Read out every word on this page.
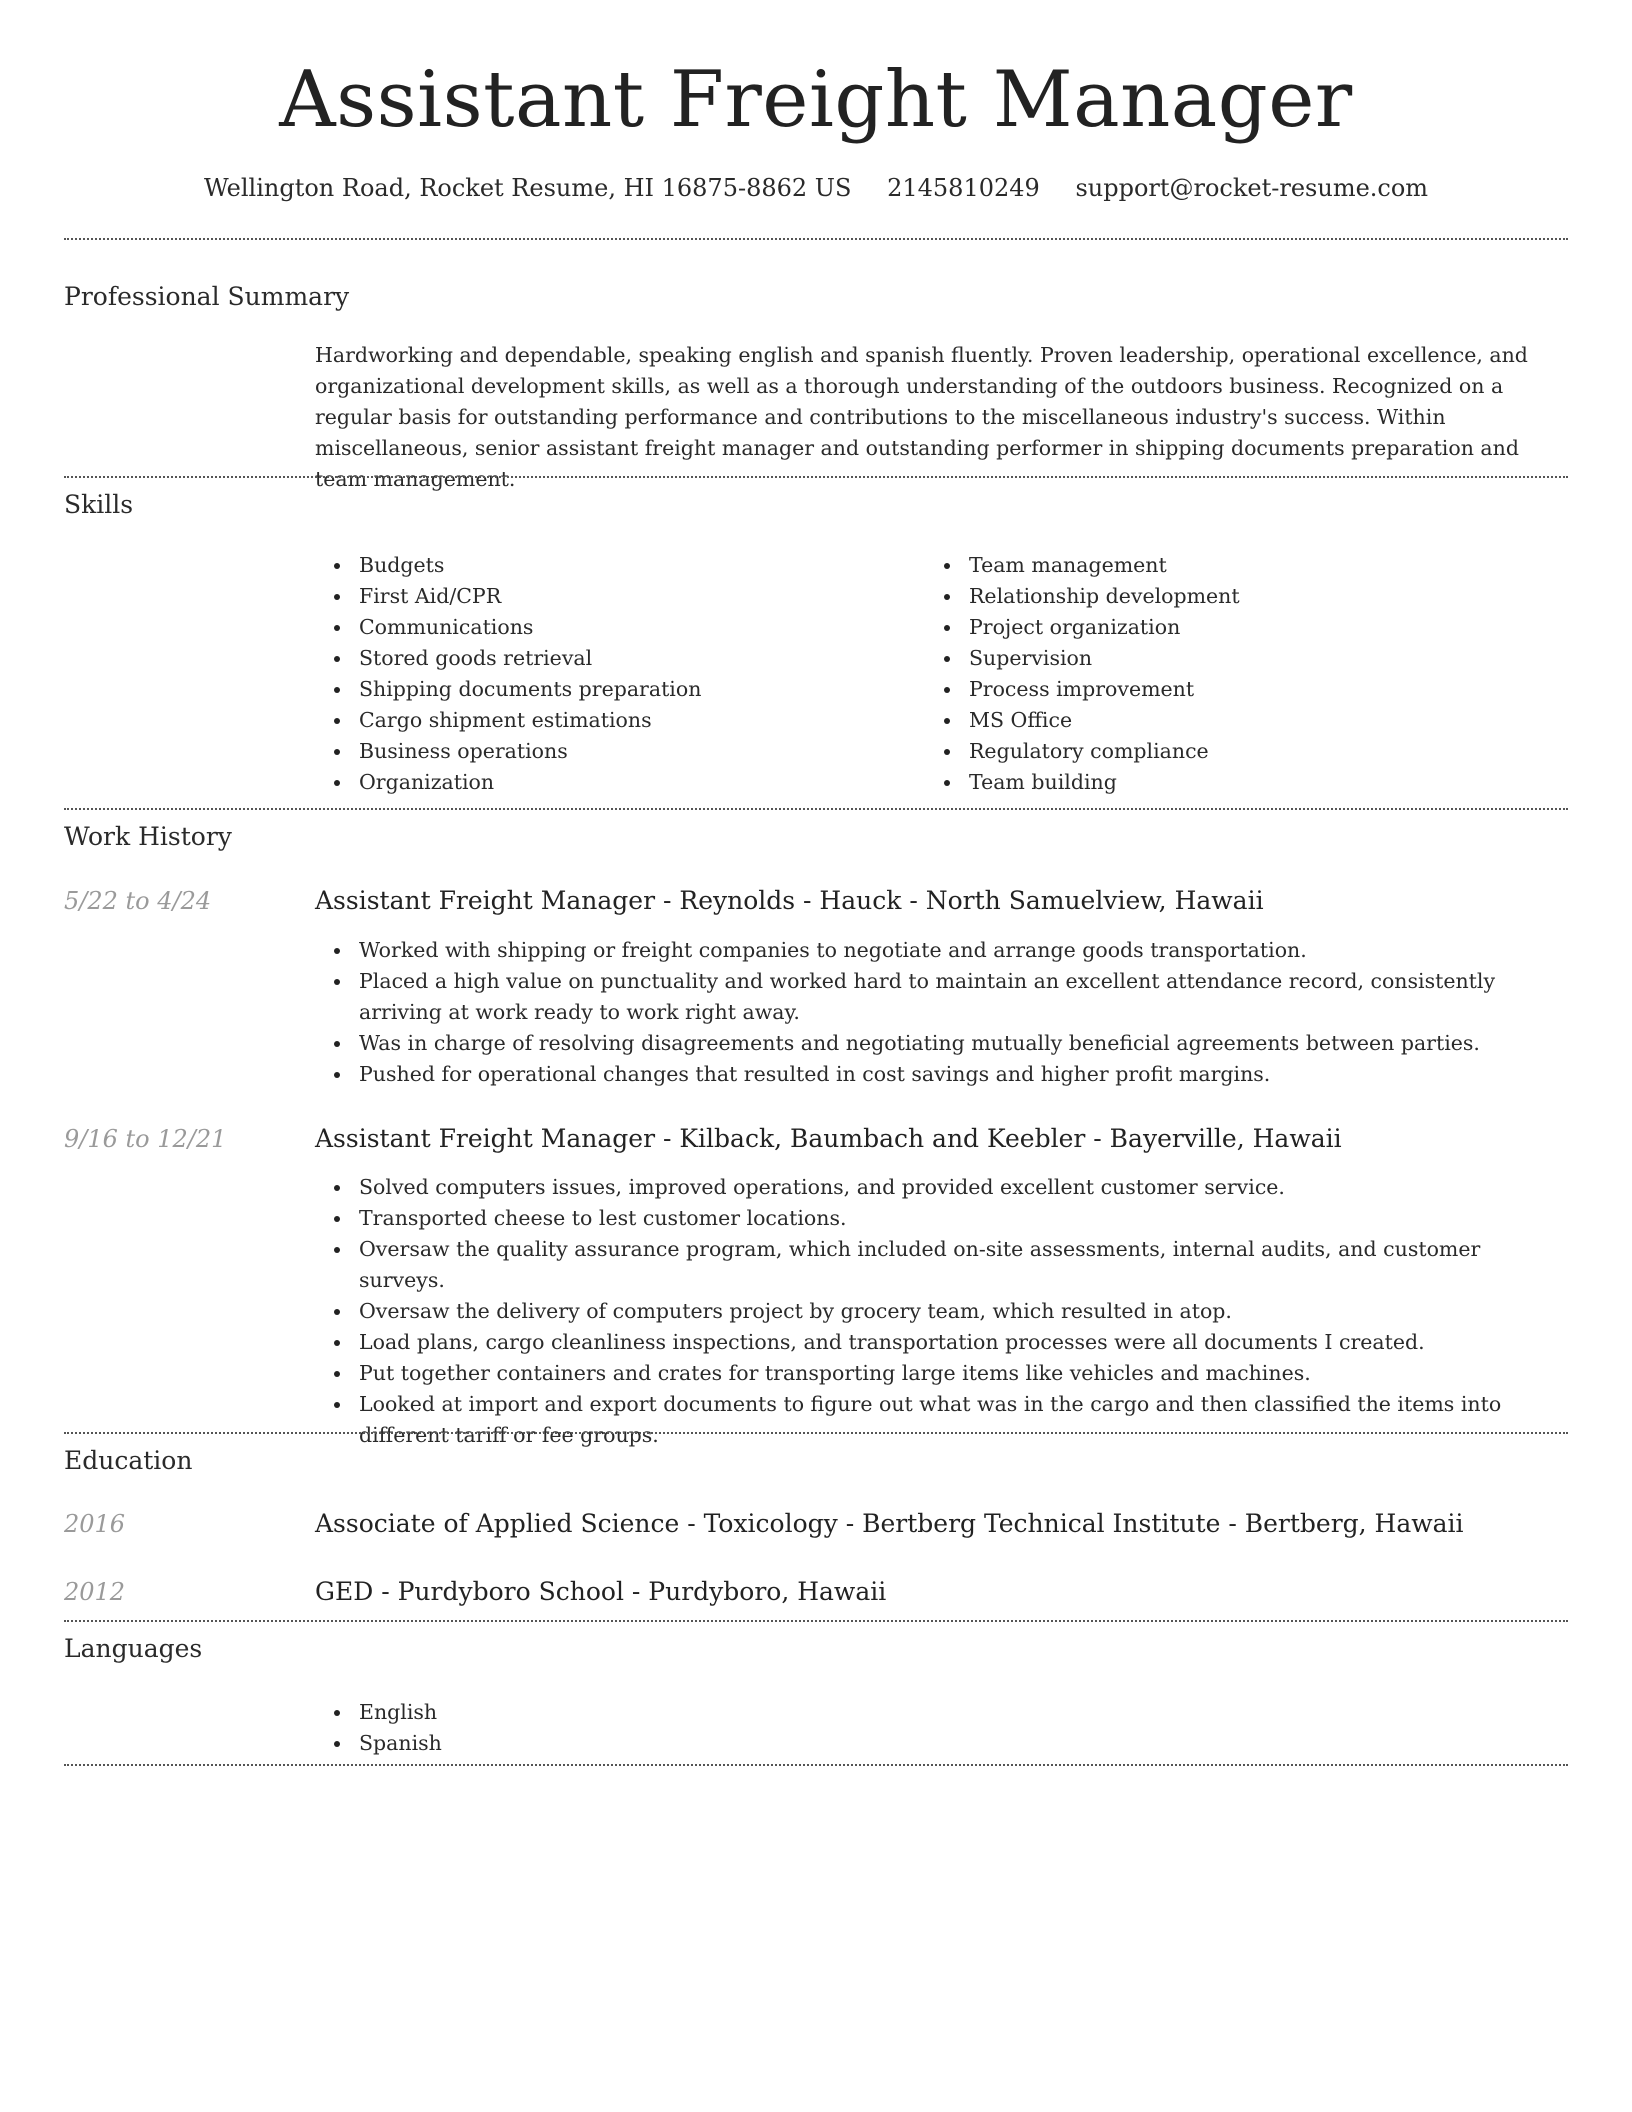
Assistant Freight Manager
Wellington Road, Rocket Resume, HI 16875-8862 US 2145810249 support@rocket-resume.com
Professional Summary
Hardworking and dependable, speaking english and spanish fluently. Proven leadership, operational excellence, and organizational development skills, as well as a thorough understanding of the outdoors business. Recognized on a regular basis for outstanding performance and contributions to the miscellaneous industry's success. Within miscellaneous, senior assistant freight manager and outstanding performer in shipping documents preparation and team management.
Skills
Budgets
First Aid/CPR
Communications
Stored goods retrieval
Shipping documents preparation
Cargo shipment estimations
Business operations
Organization
Team management
Relationship development
Project organization
Supervision
Process improvement
MS Office
Regulatory compliance
Team building
Work History
5/22 to 4/24	Assistant Freight Manager - Reynolds - Hauck - North Samuelview, Hawaii
Worked with shipping or freight companies to negotiate and arrange goods transportation.
Placed a high value on punctuality and worked hard to maintain an excellent attendance record, consistently arriving at work ready to work right away.
Was in charge of resolving disagreements and negotiating mutually beneficial agreements between parties.
Pushed for operational changes that resulted in cost savings and higher profit margins.
9/16 to 12/21	Assistant Freight Manager - Kilback, Baumbach and Keebler - Bayerville, Hawaii
Solved computers issues, improved operations, and provided excellent customer service.
Transported cheese to lest customer locations.
Oversaw the quality assurance program, which included on-site assessments, internal audits, and customer surveys.
Oversaw the delivery of computers project by grocery team, which resulted in atop.
Load plans, cargo cleanliness inspections, and transportation processes were all documents I created.
Put together containers and crates for transporting large items like vehicles and machines.
Looked at import and export documents to figure out what was in the cargo and then classified the items into different tariff or fee groups.
Education
2016	Associate of Applied Science - Toxicology - Bertberg Technical Institute - Bertberg, Hawaii
2012	GED - Purdyboro School - Purdyboro, Hawaii
Languages
English
Spanish
